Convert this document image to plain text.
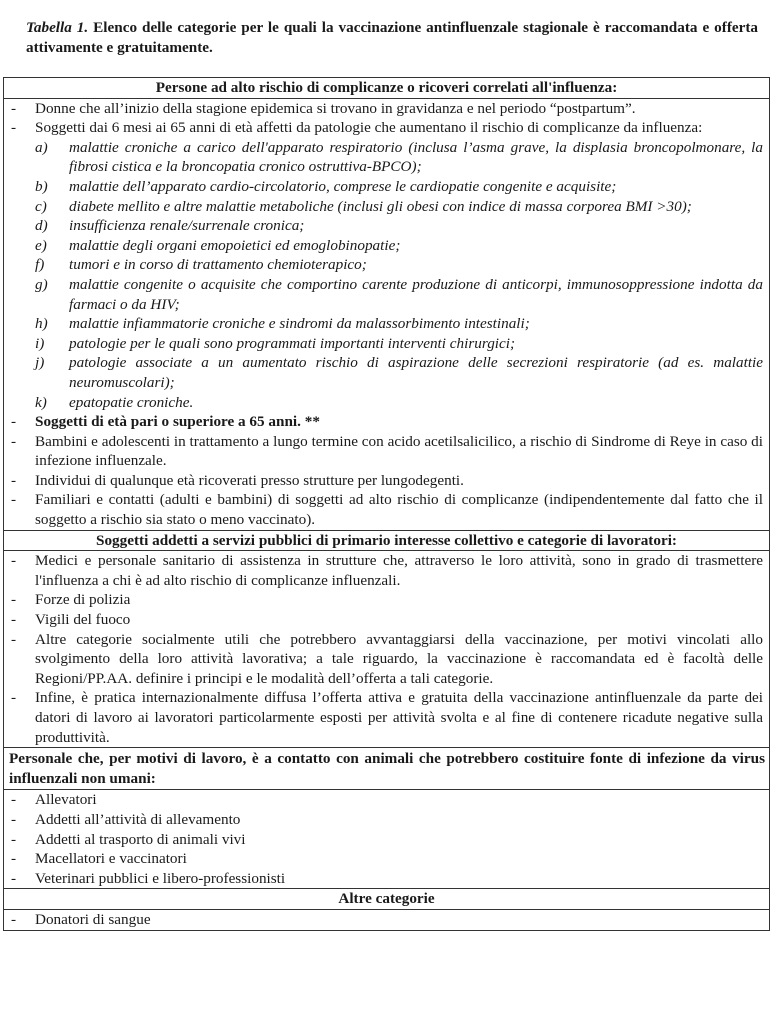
Tabella 1. Elenco delle categorie per le quali la vaccinazione antinfluenzale stagionale è raccomandata e offerta attivamente e gratuitamente.
Persone ad alto rischio di complicanze o ricoveri correlati all'influenza:

- Donne che all’inizio della stagione epidemica si trovano in gravidanza e nel periodo “postpartum”.
- Soggetti dai 6 mesi ai 65 anni di età affetti da patologie che aumentano il rischio di complicanze da influenza:
a) malattie croniche a carico dell'apparato respiratorio (inclusa l’asma grave, la displasia broncopolmonare, la fibrosi cistica e la broncopatia cronico ostruttiva-BPCO);
b) malattie dell’apparato cardio-circolatorio, comprese le cardiopatie congenite e acquisite;
c) diabete mellito e altre malattie metaboliche (inclusi gli obesi con indice di massa corporea BMI >30);
d) insufficienza renale/surrenale cronica;
e) malattie degli organi emopoietici ed emoglobinopatie;
f) tumori e in corso di trattamento chemioterapico;
g) malattie congenite o acquisite che comportino carente produzione di anticorpi, immunosoppressione indotta da farmaci o da HIV;
h) malattie infiammatorie croniche e sindromi da malassorbimento intestinali;
i) patologie per le quali sono programmati importanti interventi chirurgici;
j) patologie associate a un aumentato rischio di aspirazione delle secrezioni respiratorie (ad es. malattie neuromuscolari);
k) epatopatie croniche.
- Soggetti di età pari o superiore a 65 anni. **
- Bambini e adolescenti in trattamento a lungo termine con acido acetilsalicilico, a rischio di Sindrome di Reye in caso di infezione influenzale.
- Individui di qualunque età ricoverati presso strutture per lungodegenti.
- Familiari e contatti (adulti e bambini) di soggetti ad alto rischio di complicanze (indipendentemente dal fatto che il soggetto a rischio sia stato o meno vaccinato).

Soggetti addetti a servizi pubblici di primario interesse collettivo e categorie di lavoratori:

- Medici e personale sanitario di assistenza in strutture che, attraverso le loro attività, sono in grado di trasmettere l'influenza a chi è ad alto rischio di complicanze influenzali.
- Forze di polizia
- Vigili del fuoco
- Altre categorie socialmente utili che potrebbero avvantaggiarsi della vaccinazione, per motivi vincolati allo svolgimento della loro attività lavorativa; a tale riguardo, la vaccinazione è raccomandata ed è facoltà delle Regioni/PP.AA. definire i principi e le modalità dell’offerta a tali categorie.
- Infine, è pratica internazionalmente diffusa l’offerta attiva e gratuita della vaccinazione antinfluenzale da parte dei datori di lavoro ai lavoratori particolarmente esposti per attività svolta e al fine di contenere ricadute negative sulla produttività.

Personale che, per motivi di lavoro, è a contatto con animali che potrebbero costituire fonte di infezione da virus influenzali non umani:

- Allevatori
- Addetti all’attività di allevamento
- Addetti al trasporto di animali vivi
- Macellatori e vaccinatori
- Veterinari pubblici e libero-professionisti

Altre categorie

- Donatori di sangue
